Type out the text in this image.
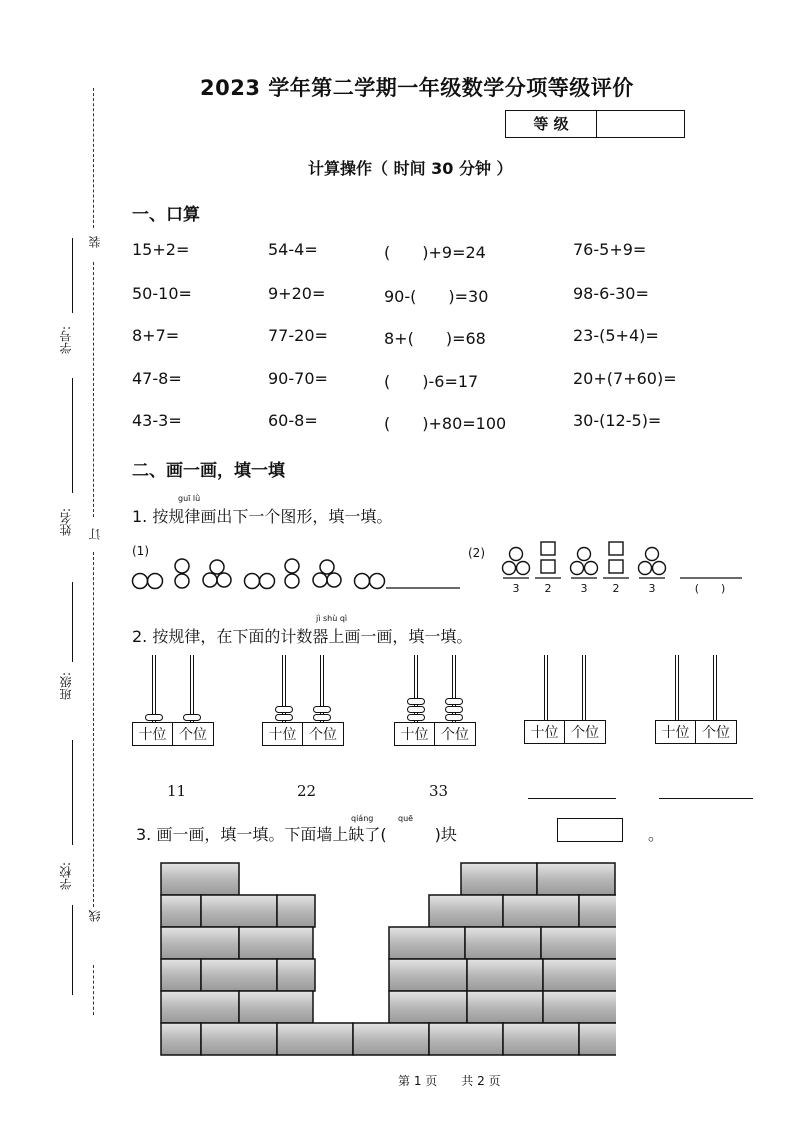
装
订
线
学号:
姓名:
班级:
学校:
2023 学年第二学期一年级数学分项等级评价
等 级
计算操作（ 时间 30 分钟 ）
一、口算
15+2=	54-4=	(　　)+9=24	76-5+9=
50-10=	9+20=	90-(　　)=30	98-6-30=
8+7=	77-20=	8+(　　)=68	23-(5+4)=
47-8=	90-70=	(　　)-6=17	20+(7+60)=
43-3=	60-8=	(　　)+80=100	30-(12-5)=
二、画一画，填一填
guī lǜ
1. 按规律画出下一个图形，填一填。
(1)	(2)
3 2	3 2	3	(　　)
jì shù qì
2. 按规律，在下面的计数器上画一画，填一填。
十位 个位
11
十位 个位
22
十位 个位
33
十位 个位	十位 个位
qiáng	quē
3. 画一画，填一填。下面墙上缺了(　　　)块	。
第 1 页　　共 2 页
